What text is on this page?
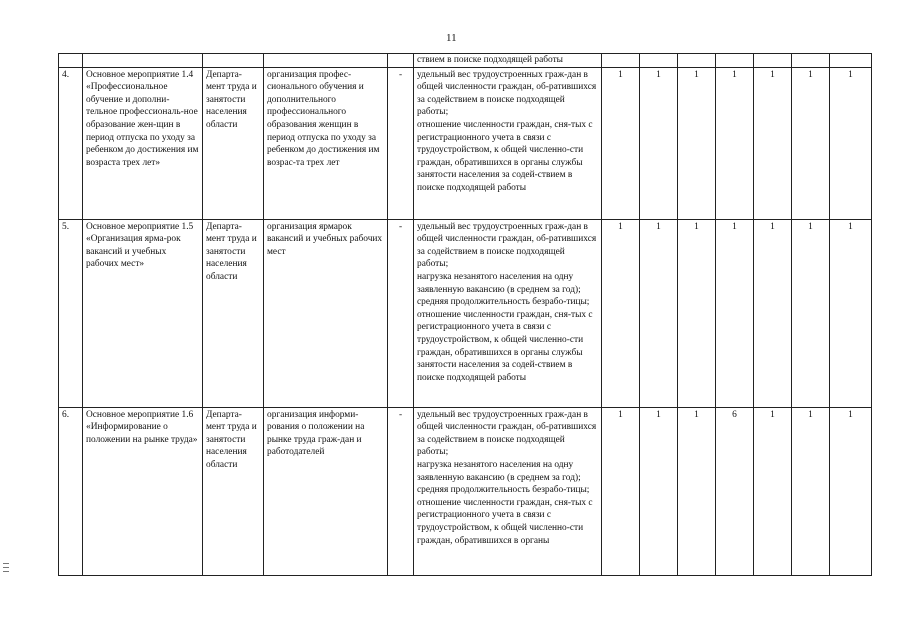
11
					ствием в поиске подходящей работы							
4.	Основное мероприятие 1.4 «Профессиональное обучение и дополни-тельное профессиональ-ное образование жен-щин в период отпуска по уходу за ребенком до достижения им возраста трех лет»	Департа-мент труда и занятости населения области	организация профес-сионального обучения и дополнительного профессионального образования женщин в период отпуска по уходу за ребенком до достижения им возрас-та трех лет	-	удельный вес трудоустроенных граж-дан в общей численности граждан, об-ратившихся за содействием в поиске подходящей работы;
отношение численности граждан, сня-тых с регистрационного учета в связи с трудоустройством, к общей численно-сти граждан, обратившихся в органы службы занятости населения за содей-ствием в поиске подходящей работы	1	1	1	1	1	1	1
5.	Основное мероприятие 1.5 «Организация ярма-рок вакансий и учебных рабочих мест»	Департа-мент труда и занятости населения области	организация ярмарок вакансий и учебных рабочих мест	-	удельный вес трудоустроенных граж-дан в общей численности граждан, об-ратившихся за содействием в поиске подходящей работы;
нагрузка незанятого населения на одну заявленную вакансию (в среднем за год);
средняя продолжительность безрабо-тицы;
отношение численности граждан, сня-тых с регистрационного учета в связи с трудоустройством, к общей численно-сти граждан, обратившихся в органы службы занятости населения за содей-ствием в поиске подходящей работы	1	1	1	1	1	1	1
6.	Основное мероприятие 1.6 «Информирование о положении на рынке труда»	Департа-мент труда и занятости населения области	организация информи-рования о положении на рынке труда граж-дан и работодателей	-	удельный вес трудоустроенных граж-дан в общей численности граждан, об-ратившихся за содействием в поиске подходящей работы;
нагрузка незанятого населения на одну заявленную вакансию (в среднем за год);
средняя продолжительность безрабо-тицы;
отношение численности граждан, сня-тых с регистрационного учета в связи с трудоустройством, к общей численно-сти граждан, обратившихся в органы	1	1	1	6	1	1	1
